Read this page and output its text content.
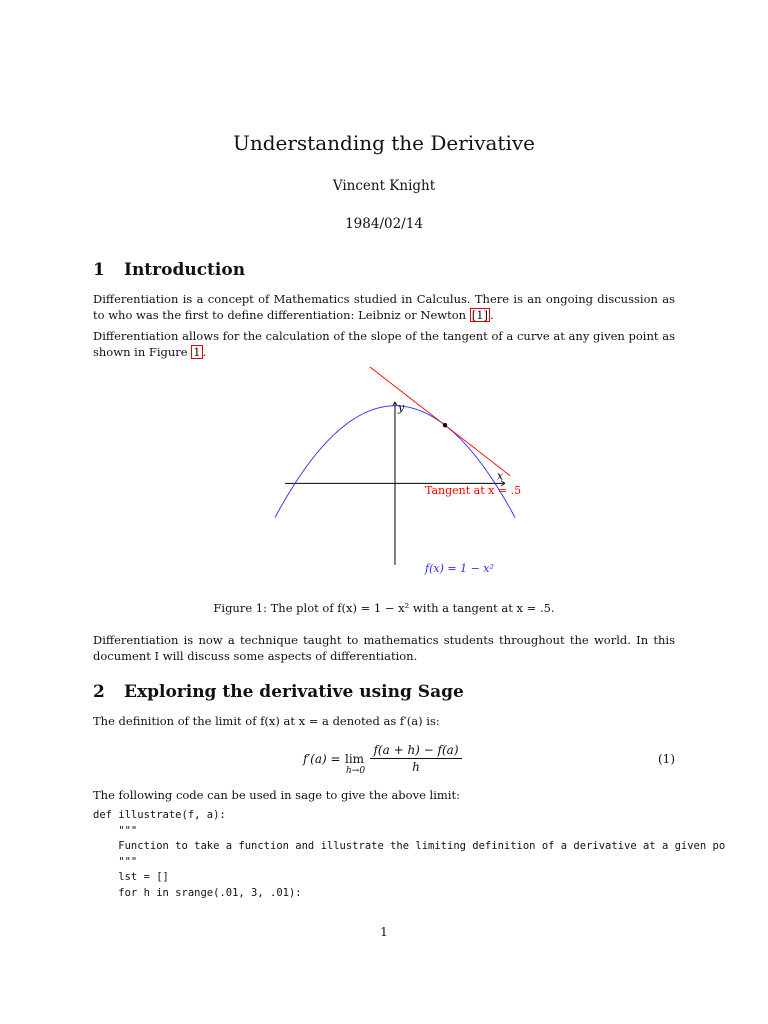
Understanding the Derivative
Vincent Knight
1984/02/14
1 Introduction
Differentiation is a concept of Mathematics studied in Calculus. There is an ongoing discussion as to who was the first to define differentiation: Leibniz or Newton [1] .
Differentiation allows for the calculation of the slope of the tangent of a curve at any given point as shown in Figure 1 .
x
y
Tangent at x = .5
f(x) = 1 − x²
Figure 1: The plot of f(x) = 1 − x² with a tangent at x = .5.
Differentiation is now a technique taught to mathematics students throughout the world. In this document I will discuss some aspects of differentiation.
2 Exploring the derivative using Sage
The definition of the limit of f(x) at x = a denoted as f′(a) is:
f′(a) = lim
$h\to 0 \frac{f(a + h) - f(a)}{h}$	(1)
The following code can be used in sage to give the above limit:
def illustrate(f, a):
"""
Function to take a function and illustrate the limiting definition of a derivative at a given po
"""
lst = []
for h in srange(.01, 3, .01):
1
